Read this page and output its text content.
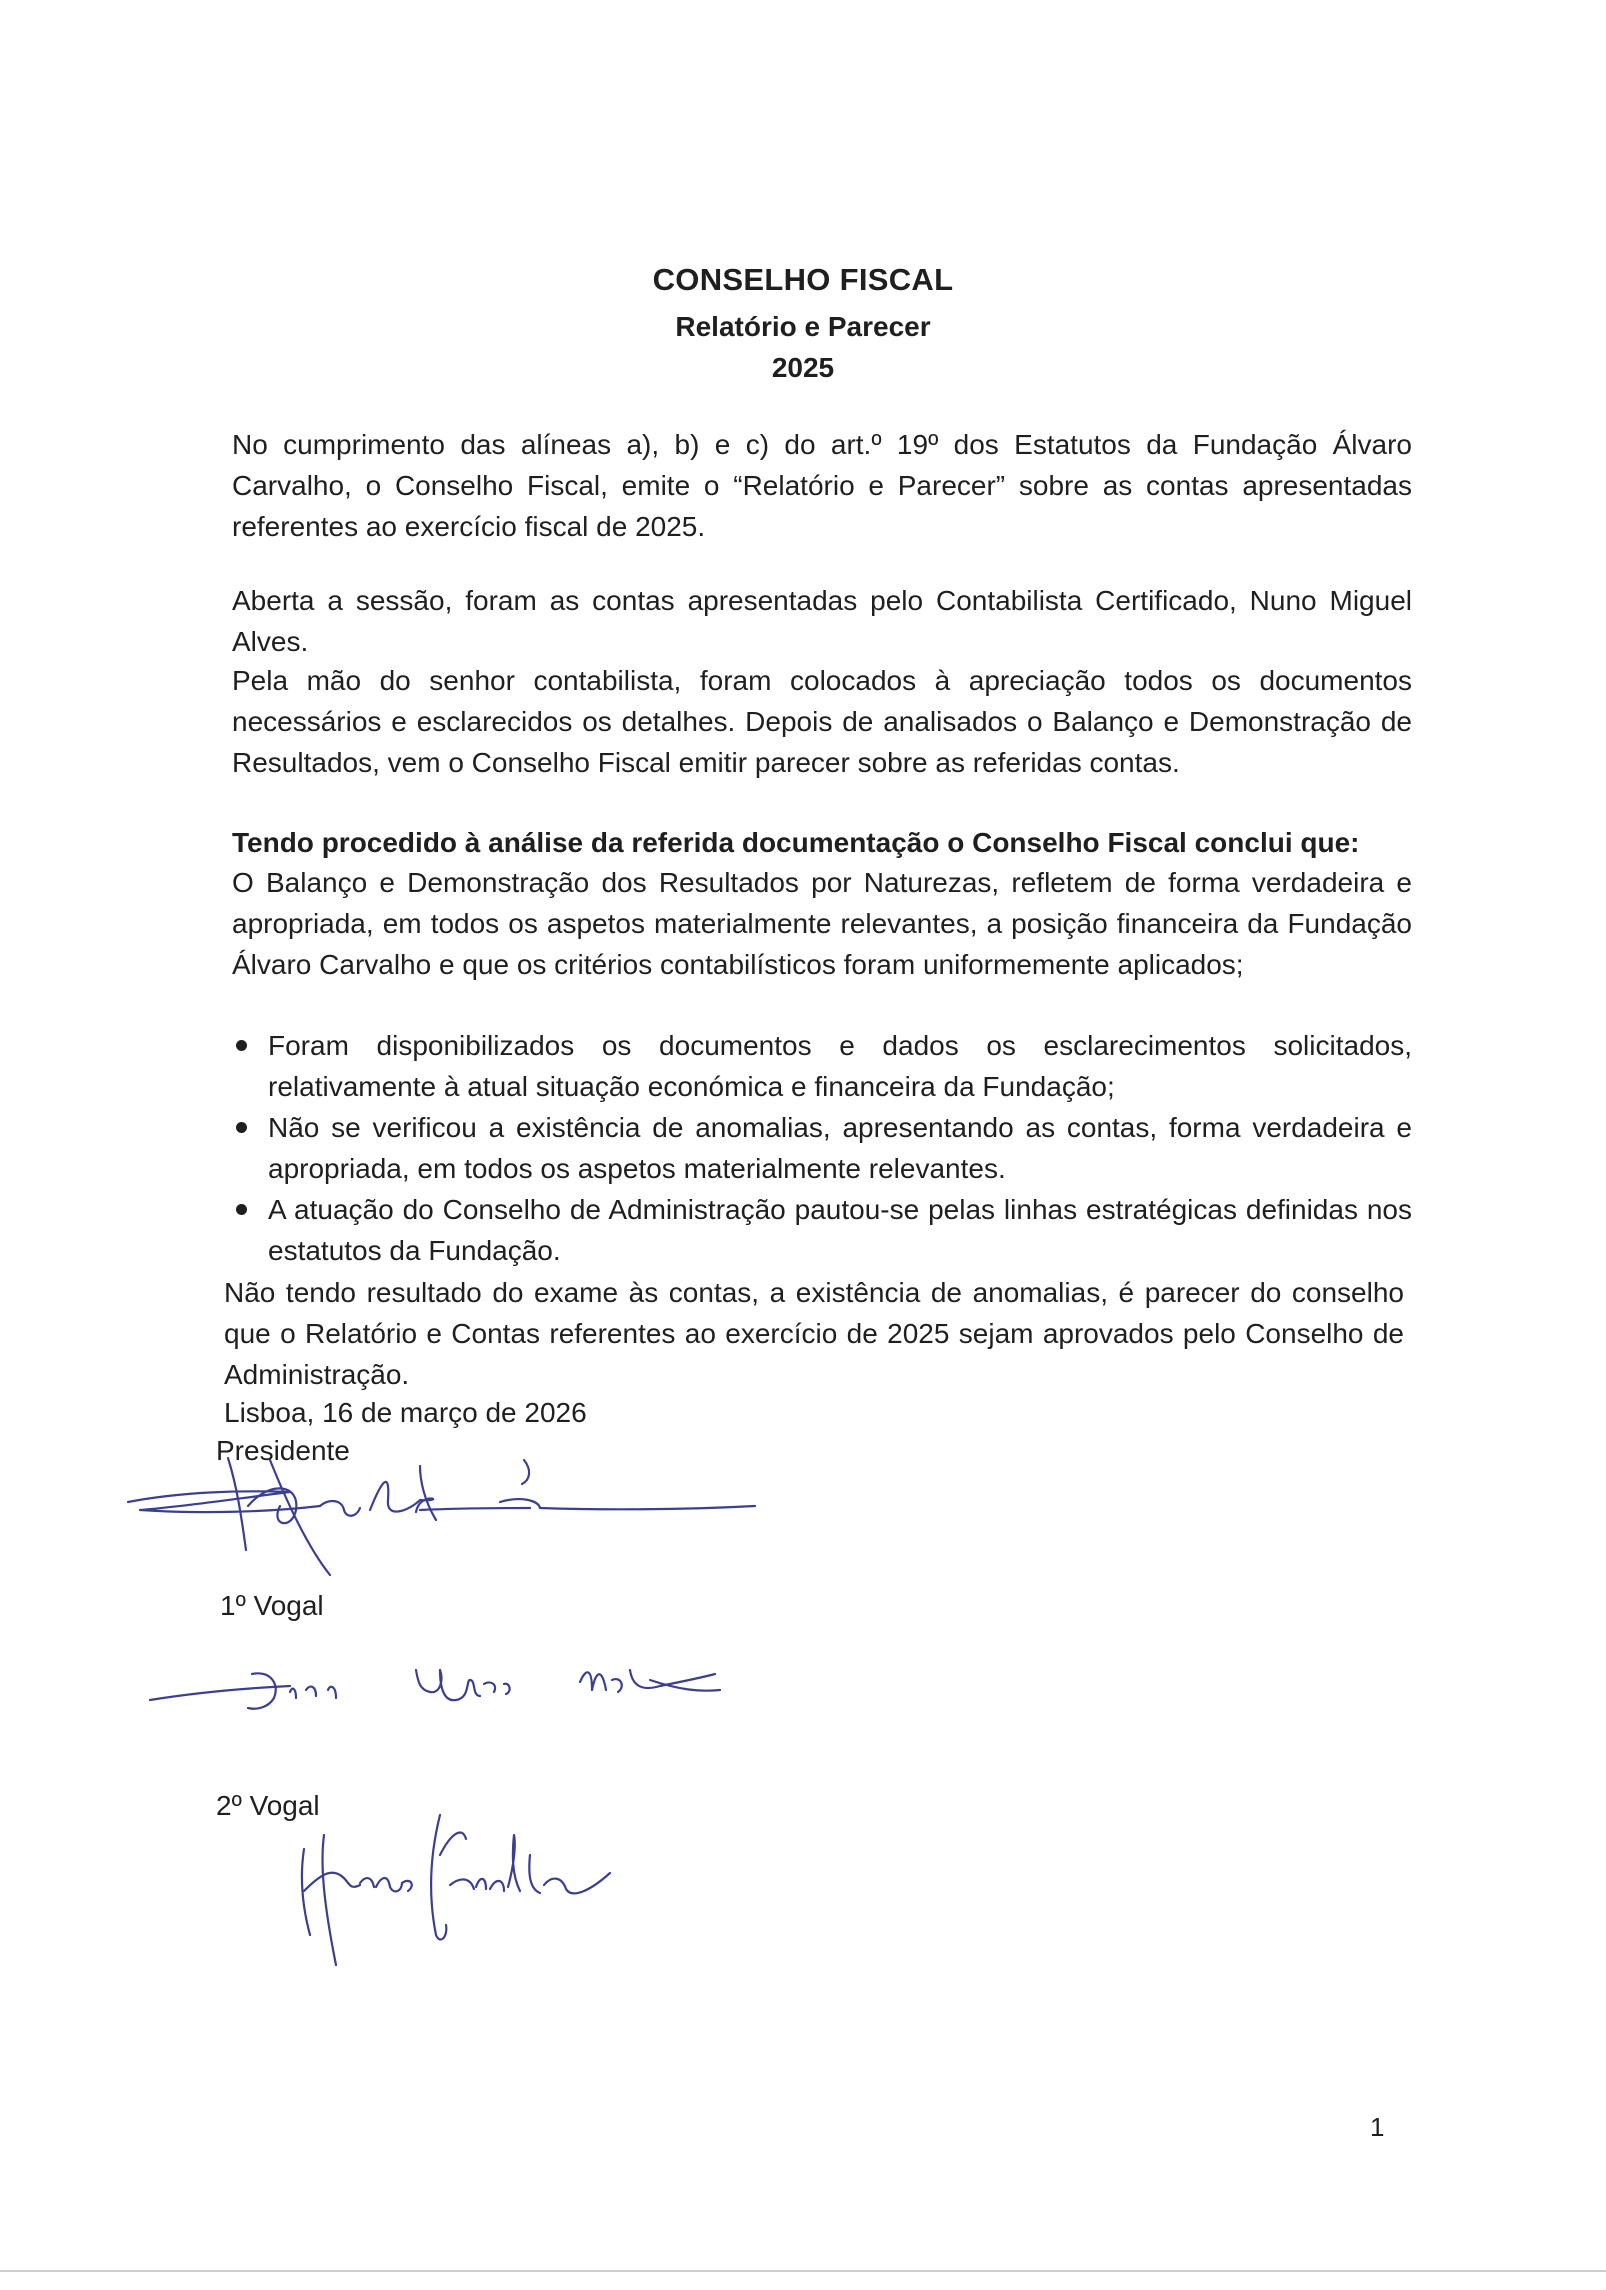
CONSELHO FISCAL
Relatório e Parecer
2025
No cumprimento das alíneas a), b) e c) do art.º 19º dos Estatutos da Fundação Álvaro Carvalho, o Conselho Fiscal, emite o “Relatório e Parecer” sobre as contas apresentadas referentes ao exercício fiscal de 2025.
Aberta a sessão, foram as contas apresentadas pelo Contabilista Certificado, Nuno Miguel Alves.
Pela mão do senhor contabilista, foram colocados à apreciação todos os documentos necessários e esclarecidos os detalhes. Depois de analisados o Balanço e Demonstração de Resultados, vem o Conselho Fiscal emitir parecer sobre as referidas contas.
Tendo procedido à análise da referida documentação o Conselho Fiscal conclui que:
O Balanço e Demonstração dos Resultados por Naturezas, refletem de forma verdadeira e apropriada, em todos os aspetos materialmente relevantes, a posição financeira da Fundação Álvaro Carvalho e que os critérios contabilísticos foram uniformemente aplicados;
Foram disponibilizados os documentos e dados os esclarecimentos solicitados, relativamente à atual situação económica e financeira da Fundação;
Não se verificou a existência de anomalias, apresentando as contas, forma verdadeira e apropriada, em todos os aspetos materialmente relevantes.
A atuação do Conselho de Administração pautou-se pelas linhas estratégicas definidas nos estatutos da Fundação.
Não tendo resultado do exame às contas, a existência de anomalias, é parecer do conselho que o Relatório e Contas referentes ao exercício de 2025 sejam aprovados pelo Conselho de Administração.
Lisboa, 16 de março de 2026
Presidente
1º Vogal
2º Vogal
1
